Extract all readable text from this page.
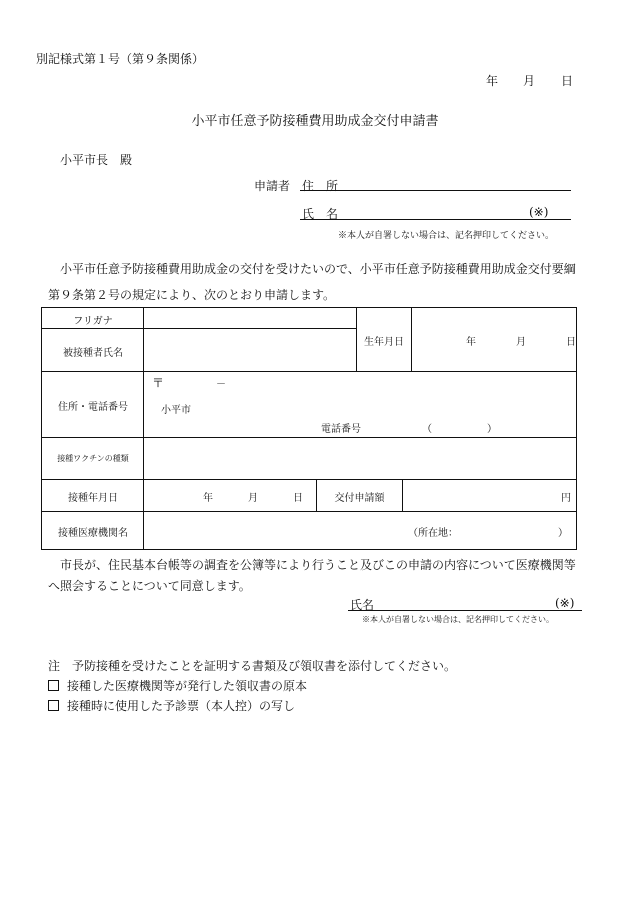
別記様式第１号（第９条関係）
年 月 日
小平市任意予防接種費用助成金交付申請書
小平市長　殿
申請者 住　所
氏　名	(※)
※本人が自署しない場合は、記名押印してください。
小平市任意予防接種費用助成金の交付を受けたいので、小平市任意予防接種費用助成金交付要綱
第９条第２号の規定により、次のとおり申請します。
フリガナ
被接種者氏名
生年月日	年	月	日
住所・電話番号
〒	－
小平市
電話番号	（	）
接種ワクチンの種類
接種年月日	年	月	日	交付申請額	円
接種医療機関名	（所在地：	）
市長が、住民基本台帳等の調査を公簿等により行うこと及びこの申請の内容について医療機関等
へ照会することについて同意します。
氏名	(※)
※本人が自署しない場合は、記名押印してください。
注　予防接種を受けたことを証明する書類及び領収書を添付してください。
接種した医療機関等が発行した領収書の原本
接種時に使用した予診票（本人控）の写し
